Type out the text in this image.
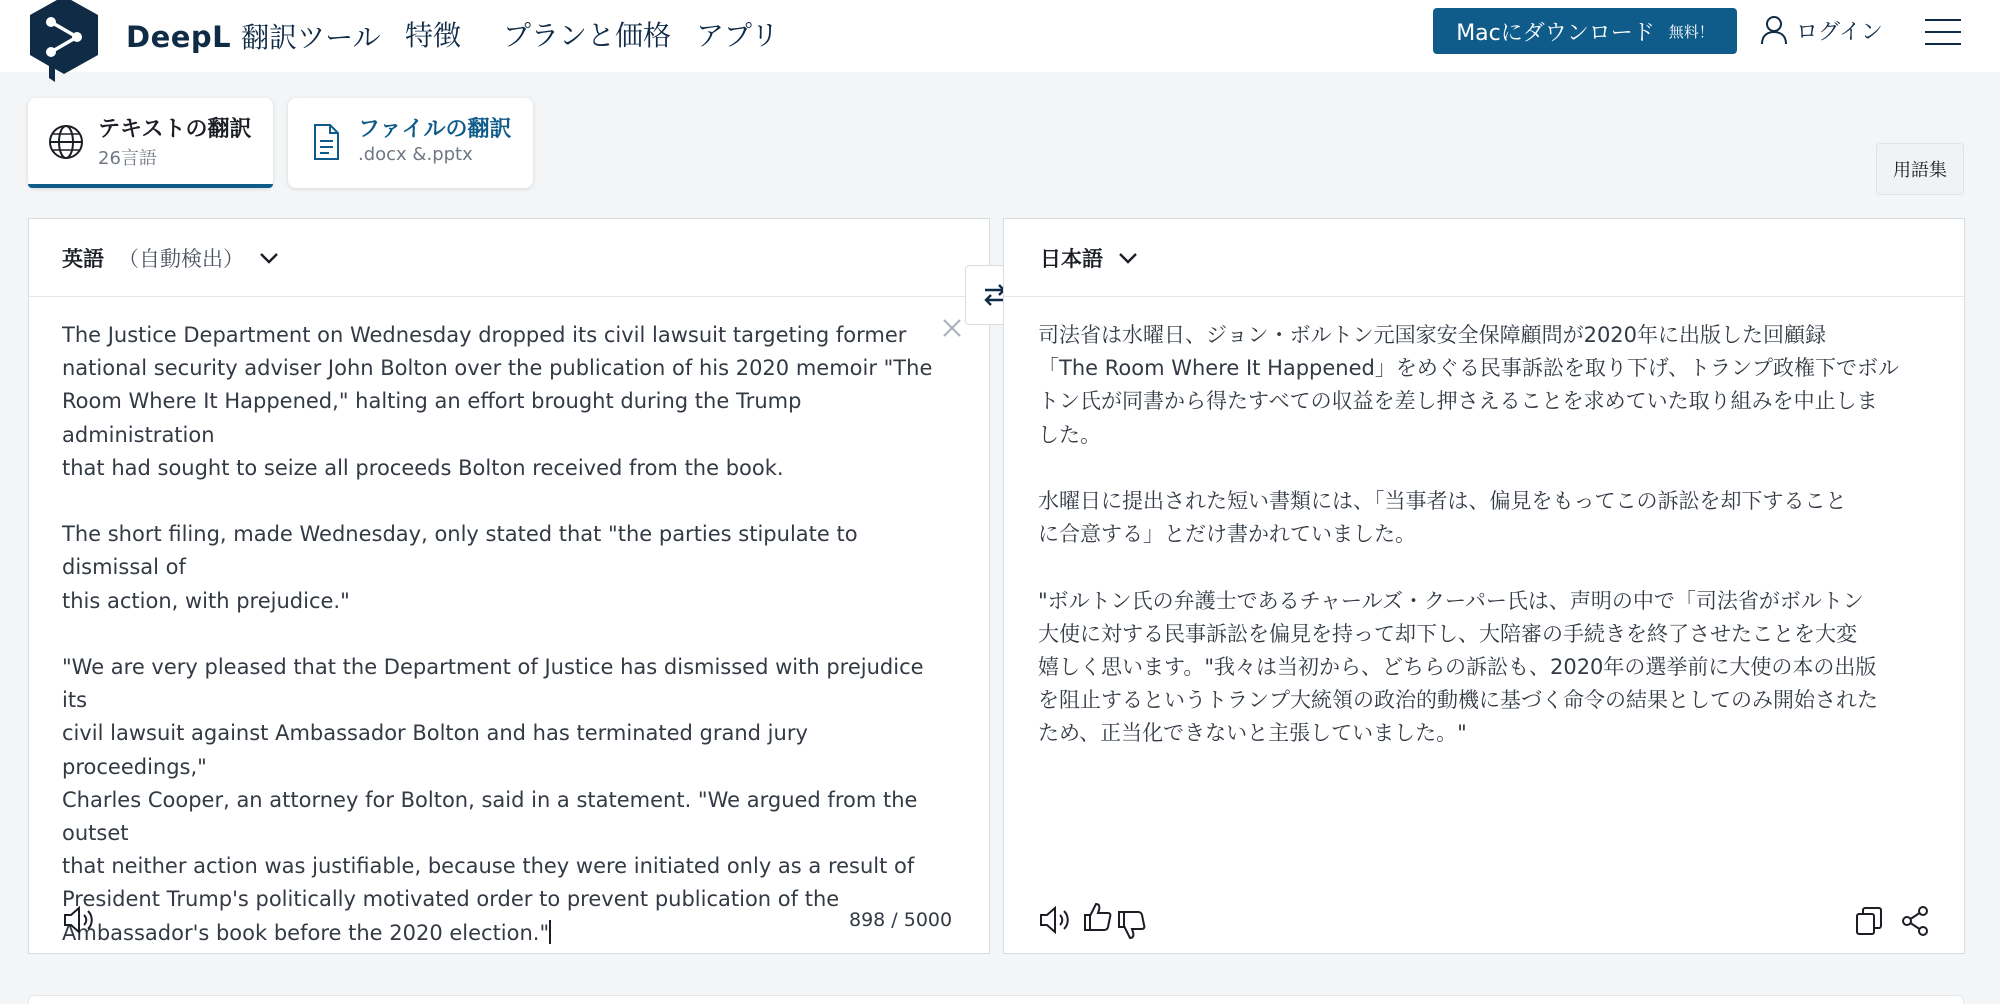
DeepL 翻訳ツール 特徴 プランと価格 アプリ	Macにダウンロード 無料！	ログイン
テキストの翻訳
26言語
ファイルの翻訳
.docx &.pptx
用語集
英語 （自動検出）
The Justice Department on Wednesday dropped its civil lawsuit targeting former
national security adviser John Bolton over the publication of his 2020 memoir "The
Room Where It Happened," halting an effort brought during the Trump administration
that had sought to seize all proceeds Bolton received from the book.

The short filing, made Wednesday, only stated that "the parties stipulate to dismissal of
this action, with prejudice."

"We are very pleased that the Department of Justice has dismissed with prejudice its
civil lawsuit against Ambassador Bolton and has terminated grand jury proceedings,"
Charles Cooper, an attorney for Bolton, said in a statement. "We argued from the outset
that neither action was justifiable, because they were initiated only as a result of
President Trump's politically motivated order to prevent publication of the
Ambassador's book before the 2020 election."
898 / 5000
日本語
司法省は水曜日、ジョン・ボルトン元国家安全保障顧問が2020年に出版した回顧録
「The Room Where It Happened」をめぐる民事訴訟を取り下げ、トランプ政権下でボル
トン氏が同書から得たすべての収益を差し押さえることを求めていた取り組みを中止しま
した。

水曜日に提出された短い書類には、「当事者は、偏見をもってこの訴訟を却下すること
に合意する」とだけ書かれていました。

"ボルトン氏の弁護士であるチャールズ・クーパー氏は、声明の中で「司法省がボルトン
大使に対する民事訴訟を偏見を持って却下し、大陪審の手続きを終了させたことを大変
嬉しく思います。"我々は当初から、どちらの訴訟も、2020年の選挙前に大使の本の出版
を阻止するというトランプ大統領の政治的動機に基づく命令の結果としてのみ開始された
ため、正当化できないと主張していました。"
